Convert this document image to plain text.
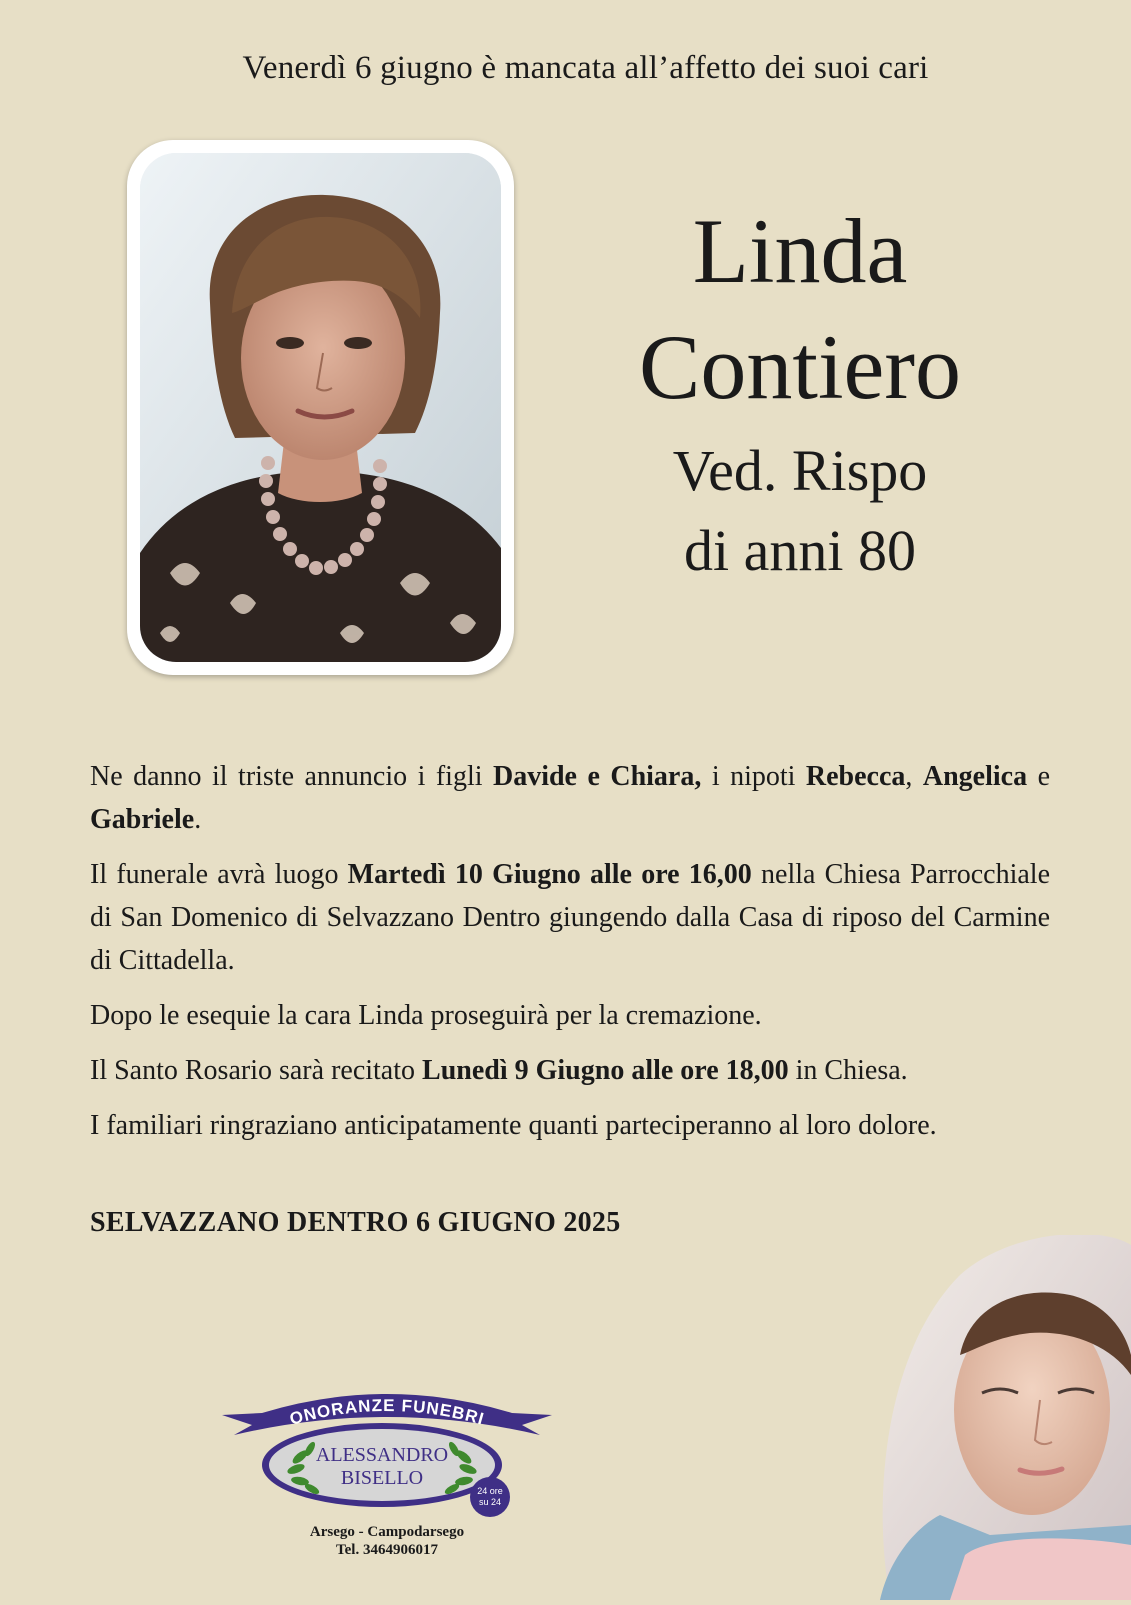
Venerdì 6 giugno è mancata all’affetto dei suoi cari
Linda
Contiero
Ved. Rispo
di anni 80

Ne danno il triste annuncio i figli Davide e Chiara, i nipoti Rebecca, Angelica e Gabriele.

Il funerale avrà luogo Martedì 10 Giugno alle ore 16,00 nella Chiesa Parrocchiale di San Domenico di Selvazzano Dentro giungendo dalla Casa di riposo del Carmine di Cittadella.

Dopo le esequie la cara Linda proseguirà per la cremazione.

Il Santo Rosario sarà recitato Lunedì 9 Giugno alle ore 18,00 in Chiesa.

I familiari ringraziano anticipatamente quanti parteciperanno al loro dolore.

SELVAZZANO DENTRO 6 GIUGNO 2025
ONORANZE FUNEBRI
ALESSANDRO
BISELLO
24 ore
su 24
Arsego - Campodarsego
Tel. 3464906017
